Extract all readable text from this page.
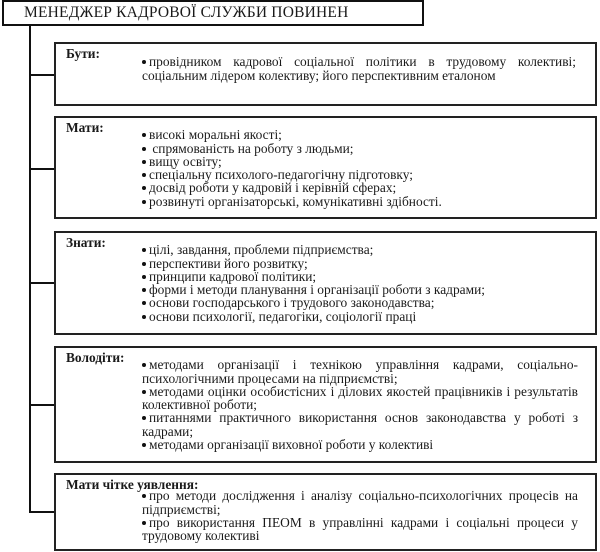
МЕНЕДЖЕР КАДРОВОЇ СЛУЖБИ ПОВИНЕН
Бути:
провідником кадрової соціальної політики в трудовому колективі; соціальним лідером колективу; його перспективним еталоном
Мати:	високі моральні якості;
спрямованість на роботу з людьми;
вищу освіту;
спеціальну психолого-педагогічну підготовку;
досвід роботи у кадровій і керівній сферах;
розвинуті організаторські, комунікативні здібності.
Знати:	цілі, завдання, проблеми підприємства;
перспективи його розвитку;
принципи кадрової політики;
форми і методи планування і організації роботи з кадрами;
основи господарського і трудового законодавства;
основи психології, педагогіки, соціології праці
Володіти:	методами організації і технікою управління кадрами, соціально-психологічними процесами на підприємстві;
методами оцінки особистісних і ділових якостей працівників і результатів колективної роботи;
питаннями практичного використання основ законодавства у роботі з кадрами;
методами організації виховної роботи у колективі
Мати чітке уявлення:
про методи дослідження і аналізу соціально-психологічних процесів на підприємстві;
про використання ПЕОМ в управлінні кадрами і соціальні процеси у трудовому колективі
